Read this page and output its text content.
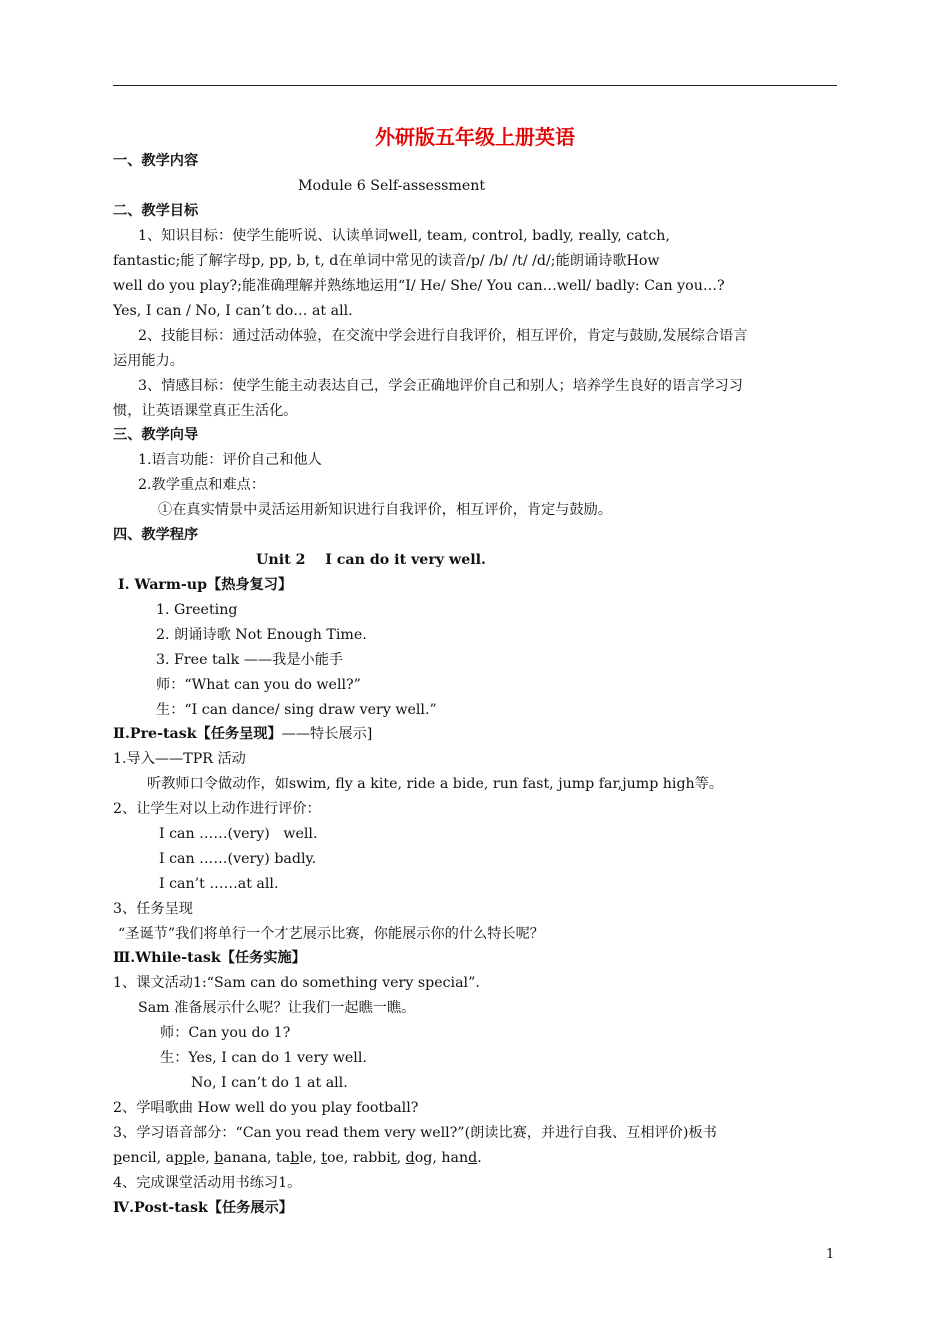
外研版五年级上册英语
一、教学内容
Module 6 Self-assessment
二、教学目标
1、知识目标：使学生能听说、认读单词well, team, control, badly, really, catch,
fantastic;能了解字母p, pp, b, t, d在单词中常见的读音/p/ /b/ /t/ /d/;能朗诵诗歌How
well do you play?;能准确理解并熟练地运用“I/ He/ She/ You can…well/ badly: Can you…?
Yes, I can / No, I can’t do… at all.
2、技能目标：通过活动体验，在交流中学会进行自我评价，相互评价，肯定与鼓励,发展综合语言
运用能力。
3、情感目标：使学生能主动表达自己，学会正确地评价自己和别人；培养学生良好的语言学习习
惯，让英语课堂真正生活化。
三、教学向导
1.语言功能：评价自己和他人
2.教学重点和难点：
①在真实情景中灵活运用新知识进行自我评价，相互评价，肯定与鼓励。
四、教学程序
Unit 2    I can do it very well.
Ⅰ. Warm-up【热身复习】
1. Greeting
2. 朗诵诗歌 Not Enough Time.
3. Free talk ——我是小能手
师：“What can you do well?”
生：“I can dance/ sing draw very well.”
Ⅱ.Pre-task【任务呈现】——特长展示]
1.导入——TPR 活动
听教师口令做动作，如swim, fly a kite, ride a bide, run fast, jump far,jump high等。
2、让学生对以上动作进行评价：
I can ……(very)   well.
I can ……(very) badly.
I can’t ……at all.
3、任务呈现
“圣诞节”我们将单行一个才艺展示比赛，你能展示你的什么特长呢？
Ⅲ.While-task【任务实施】
1、课文活动1:“Sam can do something very special”.
Sam 准备展示什么呢？让我们一起瞧一瞧。
师：Can you do 1?
生：Yes, I can do 1 very well.
No, I can’t do 1 at all.
2、学唱歌曲 How well do you play football?
3、学习语音部分：“Can you read them very well?”(朗读比赛，并进行自我、互相评价)板书
pencil, apple, banana, table, toe, rabbit, dog, hand.
4、完成课堂活动用书练习1。
Ⅳ.Post-task【任务展示】
1
